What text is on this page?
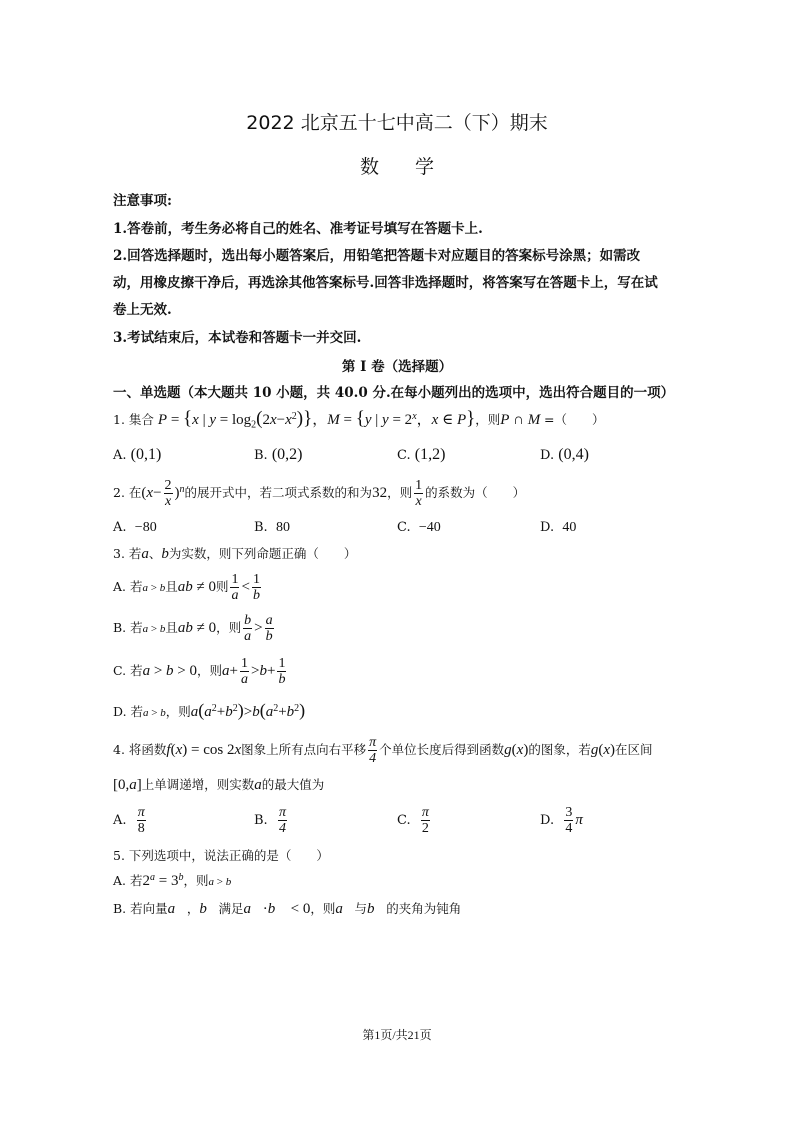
2022 北京五十七中高二（下）期末
数学
注意事项:
1.答卷前，考生务必将自己的姓名、准考证号填写在答题卡上.
2.回答选择题时，选出每小题答案后，用铅笔把答题卡对应题目的答案标号涂黑；如需改
动，用橡皮擦干净后，再选涂其他答案标号.回答非选择题时，将答案写在答题卡上，写在试
卷上无效.
3.考试结束后，本试卷和答题卡一并交回.
第 I 卷（选择题）
一、单选题（本大题共 10 小题，共 40.0 分.在每小题列出的选项中，选出符合题目的一项）
1. 集合 P = {x | $y = \log_2(2x-x^2)$}，M = {y | $y = 2^x$，x ∈ P}，则P ∩ M =（　　）
A. (0,1)	B. (0,2)	C. (1,2)	D. (0,4)
2. 在$(x- \frac{2}{x} )^n$的展开式中，若二项式系数的和为32，则 $\frac{1}{x}$ 的系数为（　　）
A. −80	B. 80	C. −40	D. 40
3. 若a、b为实数，则下列命题正确（　　）
A. 若a > b且ab ≠ 0则 $\frac{1}{a} < \frac{1}{b}$
B. 若a > b且ab ≠ 0，则 $\frac{b}{a} > \frac{a}{b}$
C. 若a > b > 0，则$a+ \frac{1}{a} >b+ \frac{1}{b}$
D. 若a > b，则$a(a^2+b^2)>b(a^2+b^2)$
4. 将函数f(x) = cos 2x图象上所有点向右平移 $\frac{\pi}{4}$ 个单位长度后得到函数g(x)的图象，若g(x)在区间
[0,a]上单调递增，则实数a的最大值为
A. $\frac{\pi}{8}$	B. $\frac{\pi}{4}$	C. $\frac{\pi}{2}$	D. $\frac{3}{4}$ π
5. 下列选项中，说法正确的是（　　）
A. 若$2^a = 3^b$，则a > b
B. 若向量a⃗，b⃗满足a⃗·b⃗ < 0，则a⃗与b⃗的夹角为钝角
第1页/共21页
